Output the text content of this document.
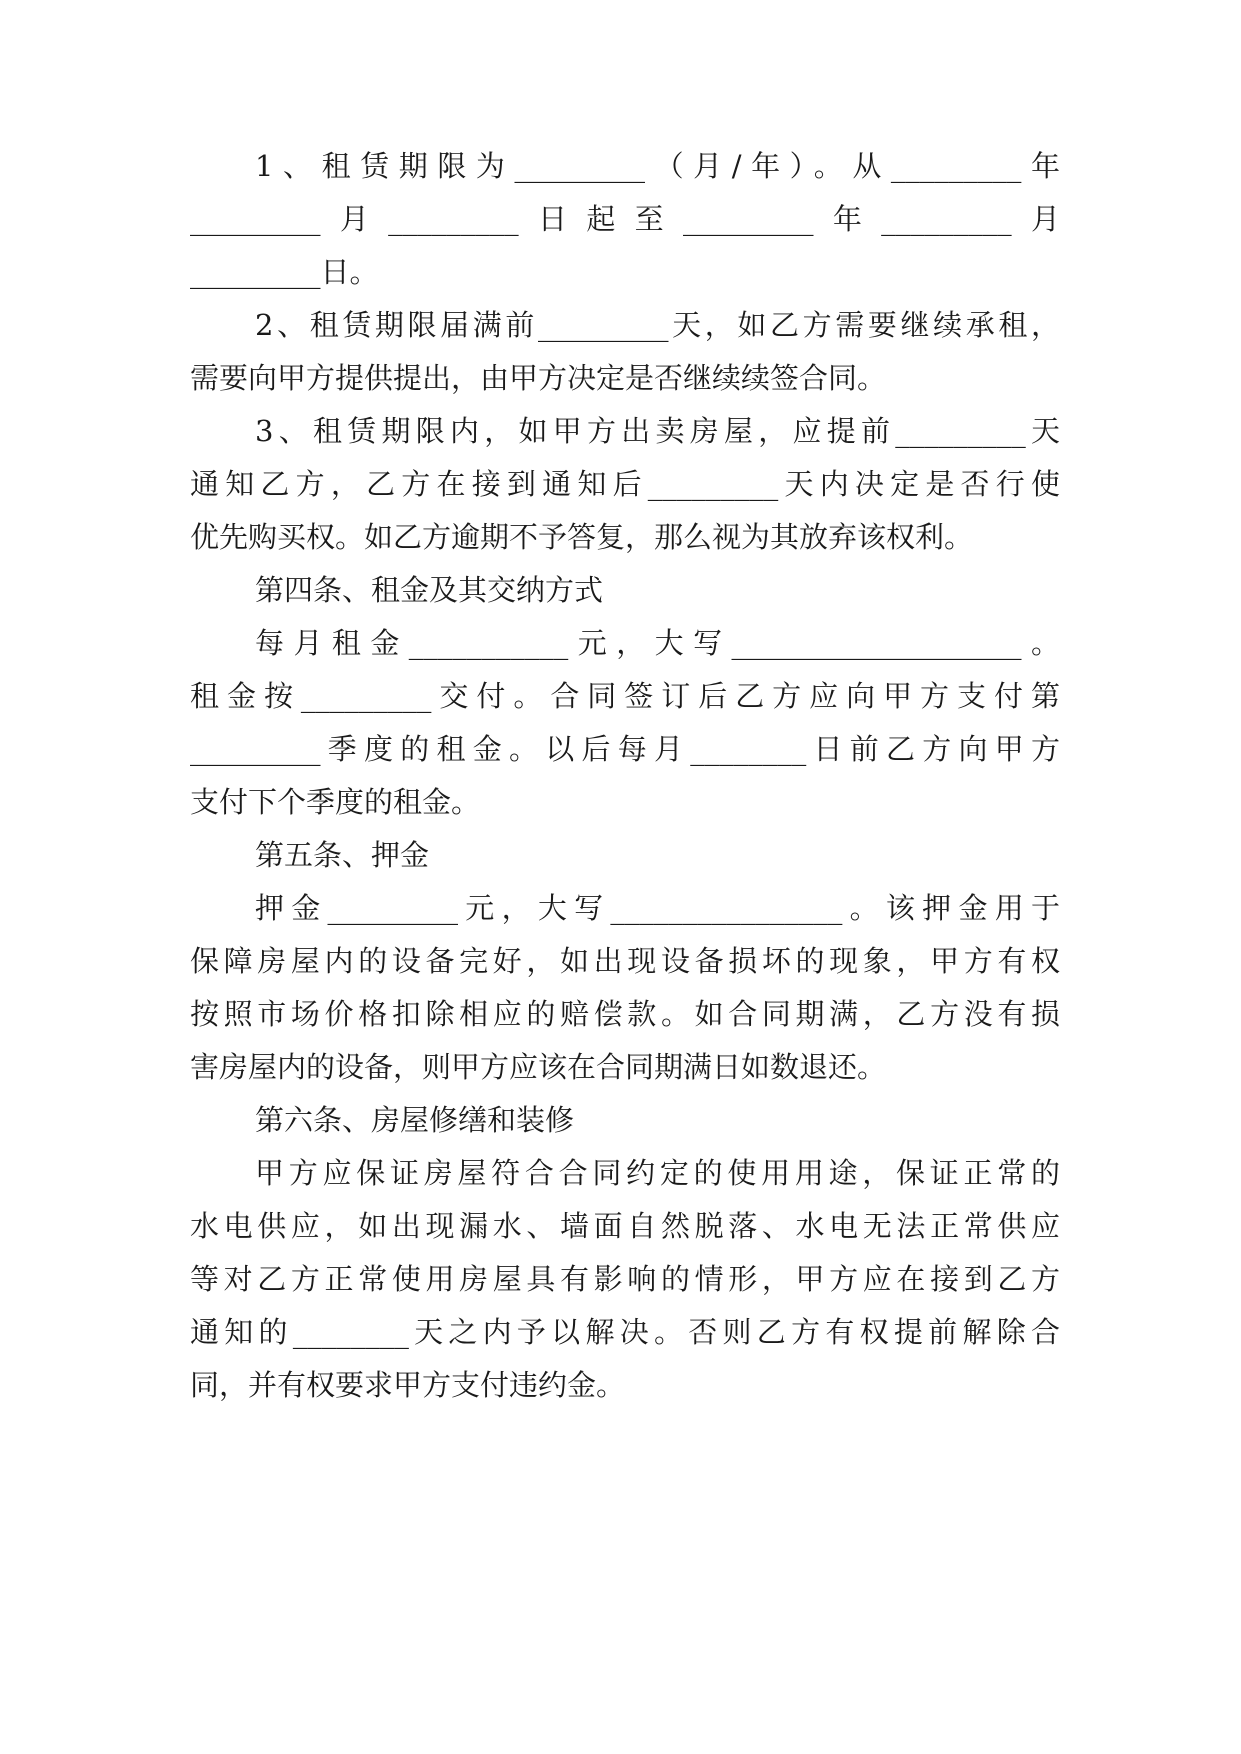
1、租赁期限为_________（月/年）。从_________年
_________月_________日起至_________年_________月
_________日。
2、租赁期限届满前_________天，如乙方需要继续承租，
需要向甲方提供提出，由甲方决定是否继续续签合同。
3、租赁期限内，如甲方出卖房屋，应提前_________天
通知乙方，乙方在接到通知后_________天内决定是否行使
优先购买权。如乙方逾期不予答复，那么视为其放弃该权利。
第四条、租金及其交纳方式
每月租金___________元，大写____________________。
租金按_________交付。合同签订后乙方应向甲方支付第
_________季度的租金。以后每月________日前乙方向甲方
支付下个季度的租金。
第五条、押金
押金_________元，大写________________。该押金用于
保障房屋内的设备完好，如出现设备损坏的现象，甲方有权
按照市场价格扣除相应的赔偿款。如合同期满，乙方没有损
害房屋内的设备，则甲方应该在合同期满日如数退还。
第六条、房屋修缮和装修
甲方应保证房屋符合合同约定的使用用途，保证正常的
水电供应，如出现漏水、墙面自然脱落、水电无法正常供应
等对乙方正常使用房屋具有影响的情形，甲方应在接到乙方
通知的________天之内予以解决。否则乙方有权提前解除合
同，并有权要求甲方支付违约金。
